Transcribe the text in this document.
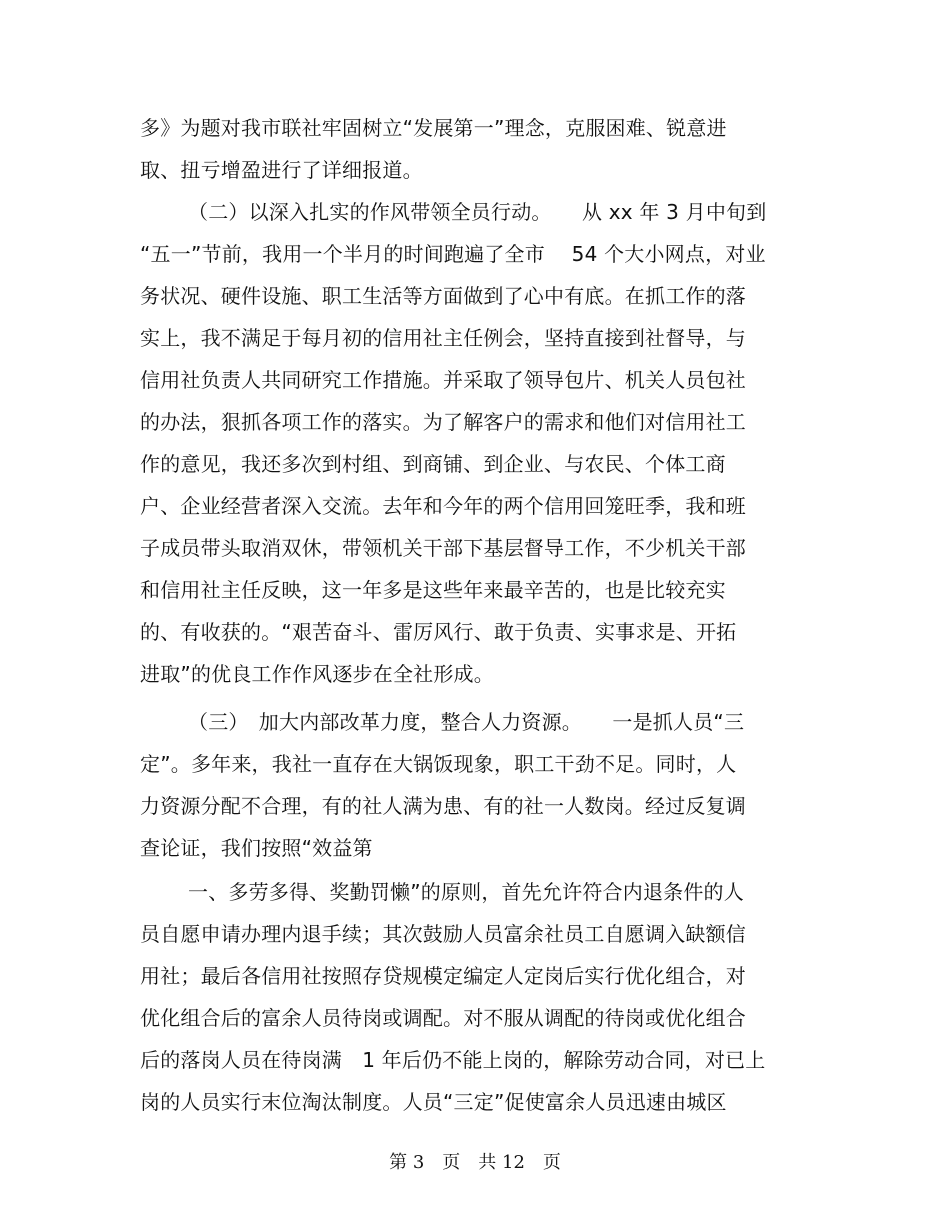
多》为题对我市联社牢固树立“发展第一”理念，克服困难、锐意进
取、扭亏增盈进行了详细报道。
（二）以深入扎实的作风带领全员行动。　　从 xx 年 3 月中旬到
“五一”节前，我用一个半月的时间跑遍了全市　 54 个大小网点，对业
务状况、硬件设施、职工生活等方面做到了心中有底。在抓工作的落
实上，我不满足于每月初的信用社主任例会，坚持直接到社督导，与
信用社负责人共同研究工作措施。并采取了领导包片、机关人员包社
的办法，狠抓各项工作的落实。为了解客户的需求和他们对信用社工
作的意见，我还多次到村组、到商铺、到企业、与农民、个体工商
户、企业经营者深入交流。去年和今年的两个信用回笼旺季，我和班
子成员带头取消双休，带领机关干部下基层督导工作，不少机关干部
和信用社主任反映，这一年多是这些年来最辛苦的，也是比较充实
的、有收获的。“艰苦奋斗、雷厉风行、敢于负责、实事求是、开拓
进取”的优良工作作风逐步在全社形成。
（三）　加大内部改革力度，整合人力资源。　　一是抓人员“三
定”。多年来，我社一直存在大锅饭现象，职工干劲不足。同时，人
力资源分配不合理，有的社人满为患、有的社一人数岗。经过反复调
查论证，我们按照“效益第
一、多劳多得、奖勤罚懒”的原则，首先允许符合内退条件的人
员自愿申请办理内退手续；其次鼓励人员富余社员工自愿调入缺额信
用社；最后各信用社按照存贷规模定编定人定岗后实行优化组合，对
优化组合后的富余人员待岗或调配。对不服从调配的待岗或优化组合
后的落岗人员在待岗满　1 年后仍不能上岗的，解除劳动合同，对已上
岗的人员实行末位淘汰制度。人员“三定”促使富余人员迅速由城区
第 3　页　共 12　页
